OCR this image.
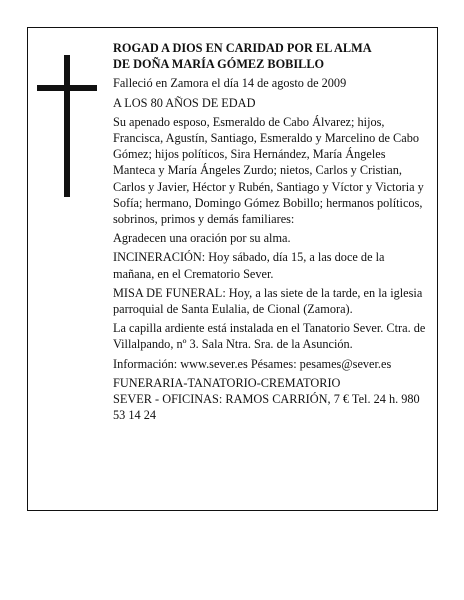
ROGAD A DIOS EN CARIDAD POR EL ALMA
DE DOÑA MARÍA GÓMEZ BOBILLO

Falleció en Zamora el día 14 de agosto de 2009

A LOS 80 AÑOS DE EDAD

Su apenado esposo, Esmeraldo de Cabo Álvarez; hijos, Francisca, Agustín, Santiago, Esmeraldo y Marcelino de Cabo Gómez; hijos políticos, Sira Hernández, María Ángeles Manteca y María Ángeles Zurdo; nietos, Carlos y Cristian, Carlos y Javier, Héctor y Rubén, Santiago y Víctor y Victoria y Sofía; hermano, Domingo Gómez Bobillo; hermanos políticos, sobrinos, primos y demás familiares:

Agradecen una oración por su alma.

INCINERACIÓN: Hoy sábado, día 15, a las doce de la mañana, en el Crematorio Sever.

MISA DE FUNERAL: Hoy, a las siete de la tarde, en la iglesia parroquial de Santa Eulalia, de Cional (Zamora).

La capilla ardiente está instalada en el Tanatorio Sever. Ctra. de Villalpando, nº 3. Sala Ntra. Sra. de la Asunción.

Información: www.sever.es Pésames: pesames@sever.es

FUNERARIA-TANATORIO-CREMATORIO
SEVER - OFICINAS: RAMOS CARRIÓN, 7 € Tel. 24 h. 980 53 14 24
